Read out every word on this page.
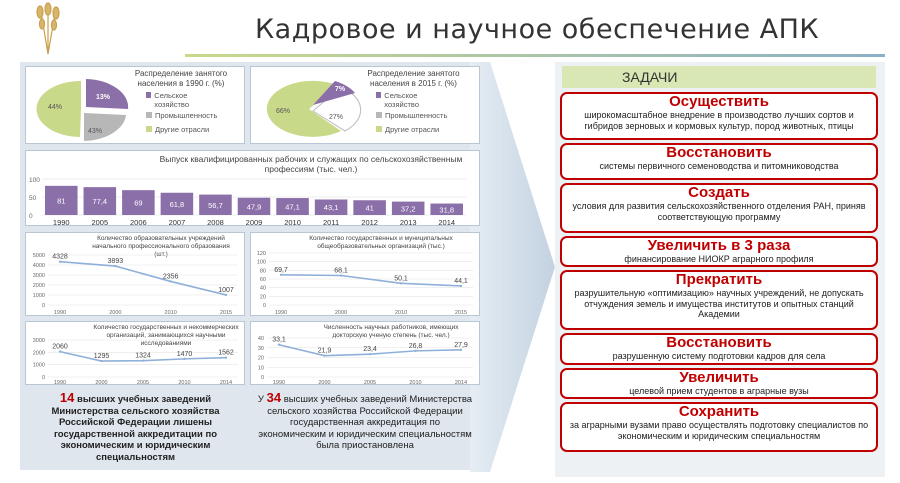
Кадровое и научное обеспечение АПК
Распределение занятого населения в 1990 г. (%)
44%
13%
43%
Сельское хозяйство
Промышленность
Другие отрасли
Распределение занятого населения в 2015 г. (%)
66%
7%
27%
Сельское хозяйство
Промышленность
Другие отрасли
Выпуск квалифицированных рабочих и служащих по сельскохозяйственным профессиям (тыс. чел.)
100
50
0
81
1990
77,4
2005
69
2006
61,8
2007
56,7
2008
47,9
2009
47,1
2010
43,1
2011
41
2012
37,2
2013
31,8
2014
Количество образовательных учреждений начального профессионального образования (шт.)
5000
4000
3000
2000
1000
0
4328
3893
2356
1007
1990	2000	2010	2015
Количество государственных и муниципальных общеобразовательных организаций (тыс.)
120
100
80
60
40
20
0
69,7	68,1
50,1	44,1
1990	2000	2010	2015
Количество государственных и некоммерческих организаций, занимающихся научными исследованиями
3000
2000
1000
0
2060
1295	1324	1470	1562
1990	2000	2005	2010	2014
Численность научных работников, имеющих докторскую ученую степень (тыс. чел.)
40
30
20
10
0
33,1
21,9	23,4	26,8	27,9
1990	2000	2005	2010	2014
14 высших учебных заведений Министерства сельского хозяйства Российской Федерации лишены государственной аккредитации по экономическим и юридическим специальностям
У 34 высших учебных заведений Министерства сельского хозяйства Российской Федерации государственная аккредитация по экономическим и юридическим специальностям была приостановлена
ЗАДАЧИ
Осуществить
широкомасштабное внедрение в производство лучших сортов и гибридов зерновых и кормовых культур, пород животных, птицы
Восстановить
системы первичного семеноводства и питомниководства
Создать
условия для развития сельскохозяйственного отделения РАН, приняв соответствующую программу
Увеличить в 3 раза
финансирование НИОКР аграрного профиля
Прекратить
разрушительную «оптимизацию» научных учреждений, не допускать отчуждения земель и имущества институтов и опытных станций Академии
Восстановить
разрушенную систему подготовки кадров для села
Увеличить
целевой прием студентов в аграрные вузы
Сохранить
за аграрными вузами право осуществлять подготовку специалистов по экономическим и юридическим специальностям
